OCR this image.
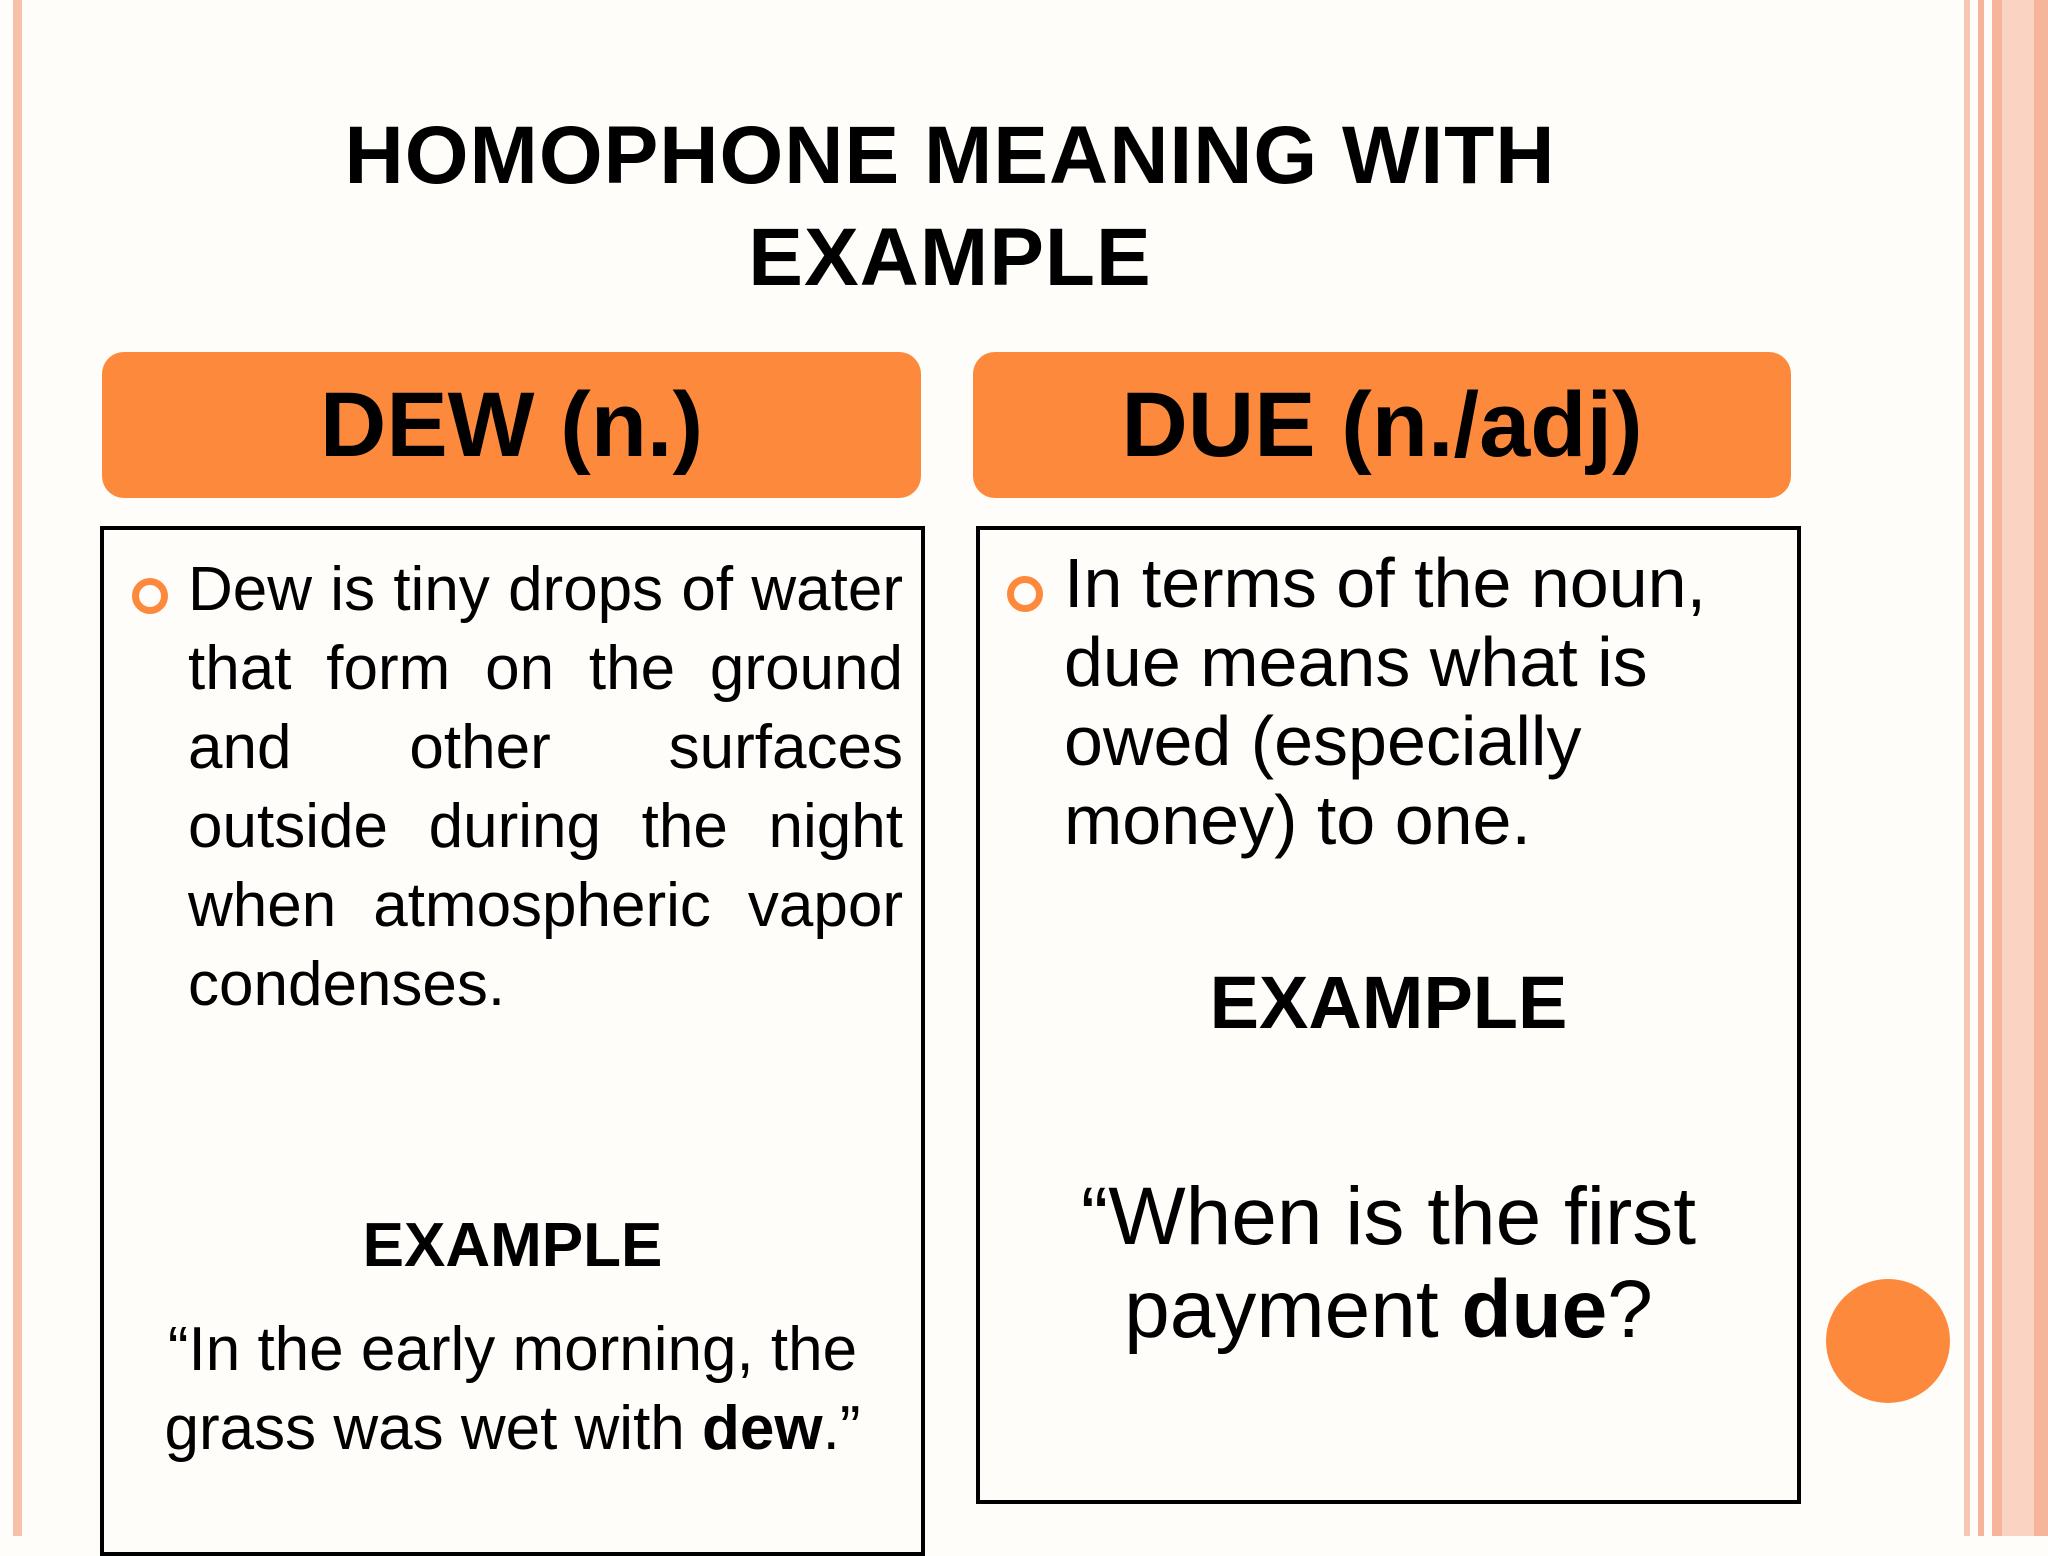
HOMOPHONE MEANING WITH
EXAMPLE
DEW (n.)	DUE (n./adj)
Dew is tiny drops of water that form on the ground and other surfaces outside during the night when atmospheric vapor condenses.
EXAMPLE
“In the early morning, the grass was wet with dew.”
In terms of the noun, due means what is owed (especially money) to one.
EXAMPLE
“When is the first payment due?
